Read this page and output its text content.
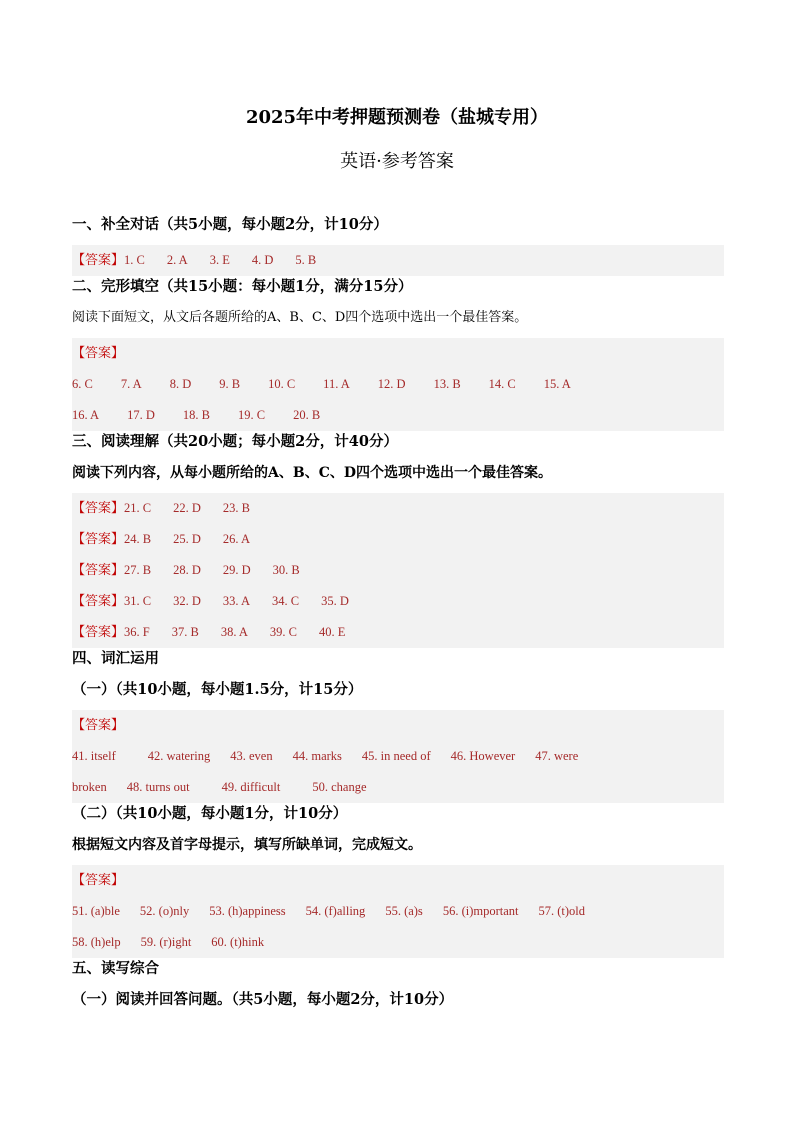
2025年中考押题预测卷（盐城专用）
英语·参考答案
一、补全对话（共5小题，每小题2分，计10分）
【答案】1. C 2. A 3. E 4. D 5. B
二、完形填空（共15小题：每小题1分，满分15分）
阅读下面短文，从文后各题所给的A、B、C、D四个选项中选出一个最佳答案。
【答案】
6. C 7. A 8. D 9. B 10. C 11. A 12. D 13. B 14. C 15. A
16. A 17. D 18. B 19. C 20. B
三、阅读理解（共20小题；每小题2分，计40分）
阅读下列内容，从每小题所给的A、B、C、D四个选项中选出一个最佳答案。
【答案】21. C 22. D 23. B
【答案】24. B 25. D 26. A
【答案】27. B 28. D 29. D 30. B
【答案】31. C 32. D 33. A 34. C 35. D
【答案】36. F 37. B 38. A 39. C 40. E
四、词汇运用
（一）（共10小题，每小题1.5分，计15分）
【答案】
41. itself	42. watering 43. even 44. marks 45. in need of 46. However 47. were
broken 48. turns out	49. difficult	50. change
（二）（共10小题，每小题1分，计10分）
根据短文内容及首字母提示，填写所缺单词，完成短文。
【答案】
51. (a)ble 52. (o)nly 53. (h)appiness 54. (f)alling 55. (a)s 56. (i)mportant 57. (t)old
58. (h)elp 59. (r)ight 60. (t)hink
五、读写综合
（一）阅读并回答问题。（共5小题，每小题2分，计10分）
